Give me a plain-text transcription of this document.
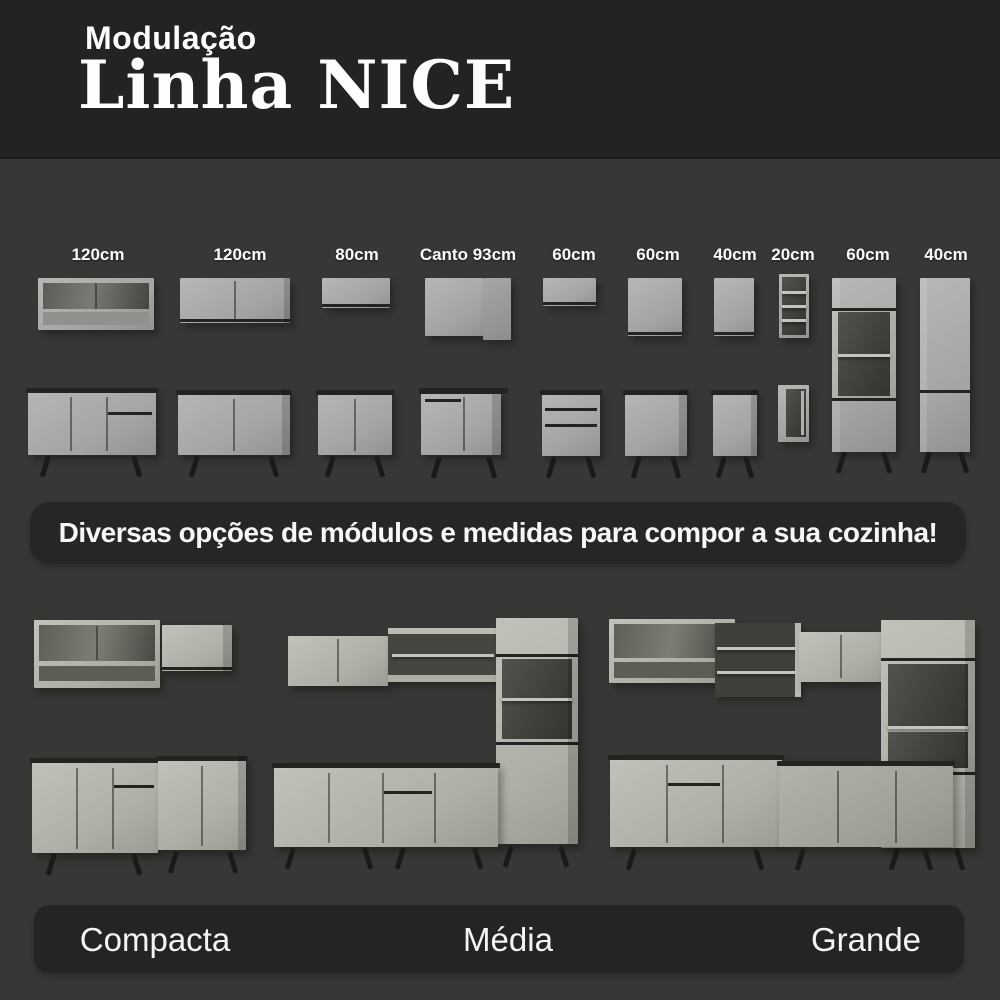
Modulação
Linha NICE
120cm	120cm	80cm Canto 93cm 60cm 60cm 40cm 20cm 60cm 40cm
Diversas opções de módulos e medidas para compor a sua cozinha!
Compacta	Média	Grande
